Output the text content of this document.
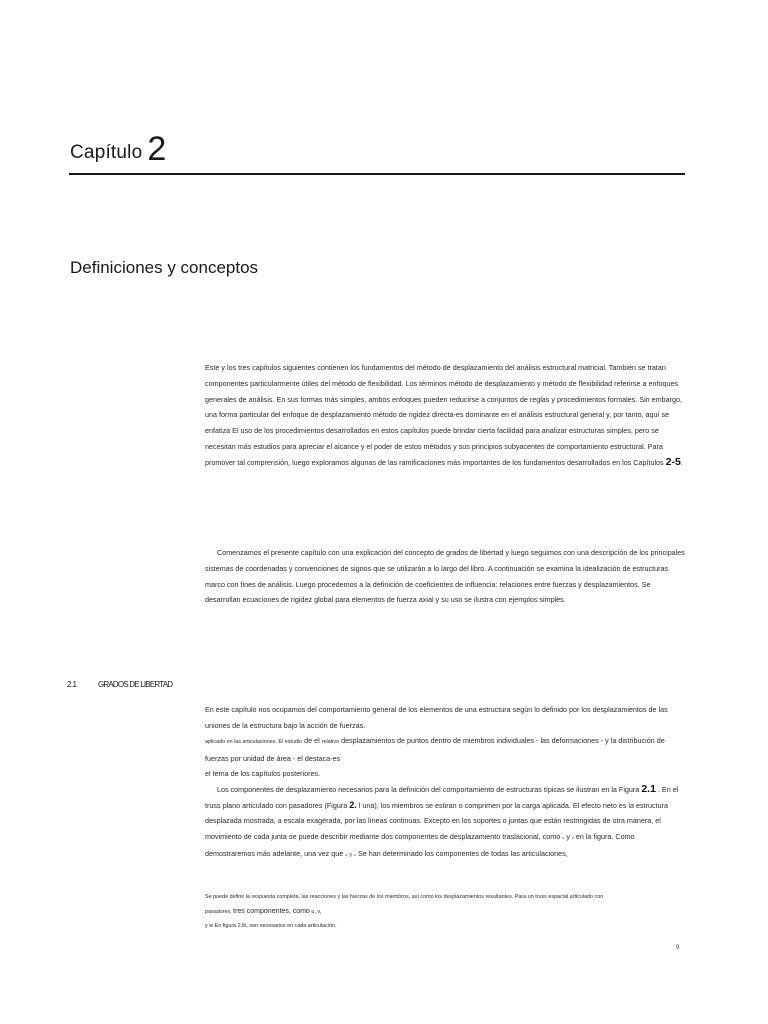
Capítulo 2
Definiciones y conceptos

Este y los tres capítulos siguientes contienen los fundamentos del método de desplazamiento del análisis estructural matricial. También se tratan componentes particularmente útiles del método de flexibilidad. Los términos método de desplazamiento y método de flexibilidad referirse a enfoques generales de análisis. En sus formas más simples, ambos enfoques pueden reducirse a conjuntos de reglas y procedimientos formales. Sin embargo, una forma particular del enfoque de desplazamiento método de rigidez directa-es dominante en el análisis estructural general y, por tanto, aquí se enfatiza El uso de los procedimientos desarrollados en estos capítulos puede brindar cierta facilidad para analizar estructuras simples, pero se necesitan más estudios para apreciar el alcance y el poder de estos métodos y sus principios subyacentes de comportamiento estructural. Para promover tal comprensión, luego exploramos algunas de las ramificaciones más importantes de los fundamentos desarrollados en los Capítulos 2-5.

Comenzamos el presente capítulo con una explicación del concepto de grados de libertad y luego seguimos con una descripción de los principales sistemas de coordenadas y convenciones de signos que se utilizarán a lo largo del libro. A continuación se examina la idealización de estructuras marco con fines de análisis. Luego procedemos a la definición de coeficientes de influencia: relaciones entre fuerzas y desplazamientos. Se desarrollan ecuaciones de rigidez global para elementos de fuerza axial y su uso se ilustra con ejemplos simples.

2.1	GRADOS DE LIBERTAD
En este capítulo nos ocupamos del comportamiento general de los elementos de una estructura según lo definido por los desplazamientos de las
uniones de la estructura bajo la acción de fuerzas.
aplicado en las articulaciones. El estudio de el relativo desplazamientos de puntos dentro de miembros individuales - las deformaciones - y la distribución de
fuerzas por unidad de área - el destaca-es
el tema de los capítulos posteriores.
Los componentes de desplazamiento necesarios para la definición del comportamiento de estructuras típicas se ilustran en la Figura 2.1 . En el
truss plano articulado con pasadores (Figura 2. l una), los miembros se estiran o comprimen por la carga aplicada. El efecto neto es la estructura
desplazada mostrada, a escala exagerada, por las líneas continuas. Excepto en los soportes o juntas que están restringidas de otra manera, el
movimiento de cada junta se puede describir mediante dos componentes de desplazamiento traslacional, como u y v en la figura. Como
demostraremos más adelante, una vez que u y v Se han determinado los componentes de todas las articulaciones,
Se puede definir la respuesta completa, las reacciones y las fuerzas de los miembros, así como los desplazamientos resultantes. Para un truss espacial articulado con
pasadores, tres componentes, como u, v,
y w En figura 2.lb, son necesarios en cada articulación.
9
